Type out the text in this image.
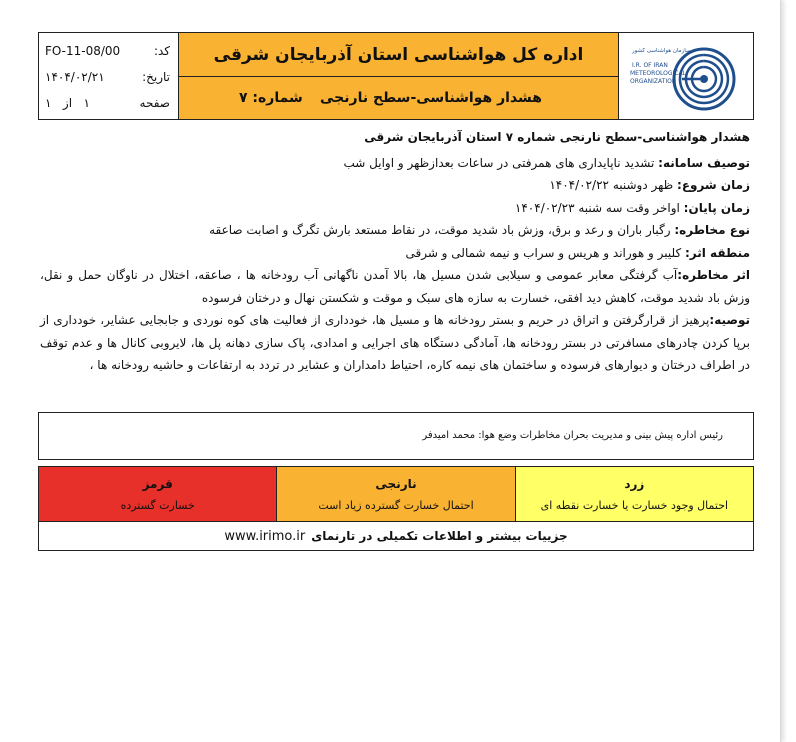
کد:
FO-11-08/00
تاریخ:
۱۴۰۴/۰۲/۲۱
صفحه
۱   از   ۱
اداره کل هواشناسی استان آذربایجان شرقی
هشدار هواشناسی-سطح نارنجی
شماره: ۷
سازمان هواشناسی کشور
I.R. OF IRAN
METEOROLOGICAL
ORGANIZATION

هشدار هواشناسی-سطح نارنجی شماره ۷ استان آذربایجان شرقی

توصیف سامانه: تشدید ناپایداری های همرفتی در ساعات بعدازظهر و اوایل شب

زمان شروع: ظهر دوشنبه ۱۴۰۴/۰۲/۲۲

زمان پایان: اواخر وقت سه شنبه ۱۴۰۴/۰۲/۲۳

نوع مخاطره: رگبار باران و رعد و برق، وزش باد شدید موقت، در نقاط مستعد بارش تگرگ و اصابت صاعقه

منطقه اثر: کلیبر و هوراند و هریس و سراب و نیمه شمالی و شرقی

اثر مخاطره:آب گرفتگی معابر عمومی و سیلابی شدن مسیل ها، بالا آمدن ناگهانی آب رودخانه ها ، صاعقه، اختلال در ناوگان حمل و نقل، وزش باد شدید موقت، کاهش دید افقی، خسارت به سازه های سبک و موقت و شکستن نهال و درختان فرسوده

توصیه:پرهیز از قرارگرفتن و اتراق در حریم و بستر رودخانه ها و مسیل ها، خودداری از فعالیت های کوه نوردی و جابجایی عشایر، خودداری از برپا کردن چادرهای مسافرتی در بستر رودخانه ها، آمادگی دستگاه های اجرایی و امدادی، پاک سازی دهانه پل ها، لایروبی کانال ها و عدم توقف در اطراف درختان و دیوارهای فرسوده و ساختمان های نیمه کاره، احتیاط دامداران و عشایر در تردد به ارتفاعات و حاشیه رودخانه ها ،

رئیس اداره پیش بینی و مدیریت بحران مخاطرات وضع هوا: محمد امیدفر
زرد
احتمال وجود خسارت یا خسارت نقطه ای
نارنجی
احتمال خسارت گسترده زیاد است
قرمز
خسارت گسترده
جزییات بیشتر و اطلاعات تکمیلی در تارنمای
www.irimo.ir
